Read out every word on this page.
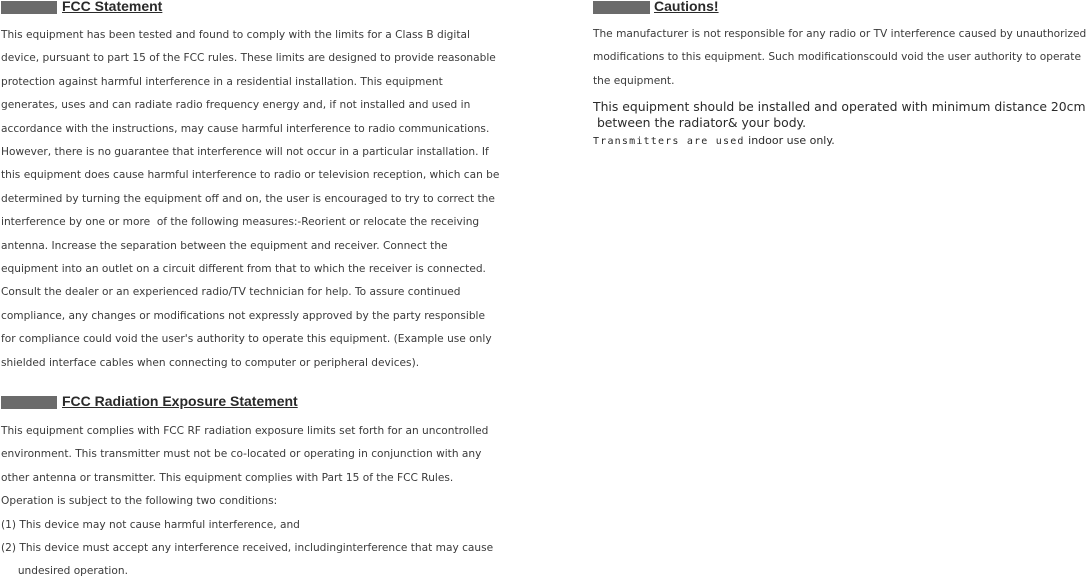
FCC Statement
This equipment has been tested and found to comply with the limits for a Class B digital
device, pursuant to part 15 of the FCC rules. These limits are designed to provide reasonable
protection against harmful interference in a residential installation. This equipment
generates, uses and can radiate radio frequency energy and, if not installed and used in
accordance with the instructions, may cause harmful interference to radio communications.
However, there is no guarantee that interference will not occur in a particular installation. If
this equipment does cause harmful interference to radio or television reception, which can be
determined by turning the equipment off and on, the user is encouraged to try to correct the
interference by one or more  of the following measures:-Reorient or relocate the receiving
antenna. Increase the separation between the equipment and receiver. Connect the
equipment into an outlet on a circuit different from that to which the receiver is connected.
Consult the dealer or an experienced radio/TV technician for help. To assure continued
compliance, any changes or modifications not expressly approved by the party responsible
for compliance could void the user's authority to operate this equipment. (Example use only
shielded interface cables when connecting to computer or peripheral devices).
FCC Radiation Exposure Statement
This equipment complies with FCC RF radiation exposure limits set forth for an uncontrolled
environment. This transmitter must not be co-located or operating in conjunction with any
other antenna or transmitter. This equipment complies with Part 15 of the FCC Rules.
Operation is subject to the following two conditions:
(1) This device may not cause harmful interference, and
(2) This device must accept any interference received, includinginterference that may cause
undesired operation.
Cautions!
The manufacturer is not responsible for any radio or TV interference caused by unauthorized
modifications to this equipment. Such modificationscould void the user authority to operate
the equipment.
This equipment should be installed and operated with minimum distance 20cm
between the radiator& your body.
Transmitters are used indoor use only.
